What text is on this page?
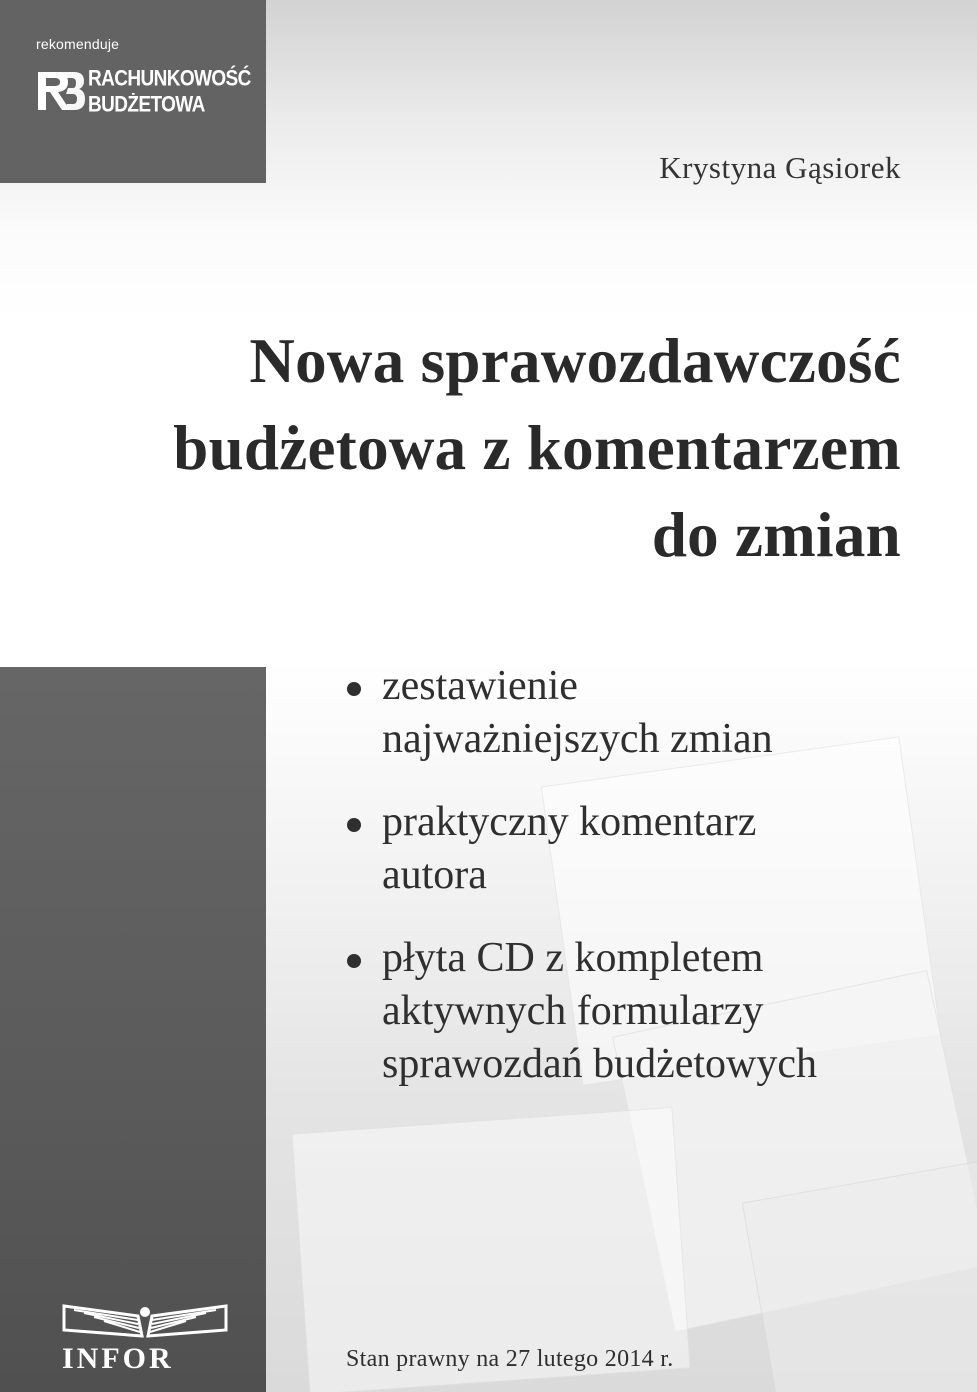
rekomenduje
RACHUNKOWOŚĆ
BUDŻETOWA
Krystyna Gąsiorek
Nowa sprawozdawczość
budżetowa z komentarzem
do zmian
INFOR
zestawienie
najważniejszych zmian
praktyczny komentarz
autora
płyta CD z kompletem
aktywnych formularzy
sprawozdań budżetowych
Stan prawny na 27 lutego 2014 r.
